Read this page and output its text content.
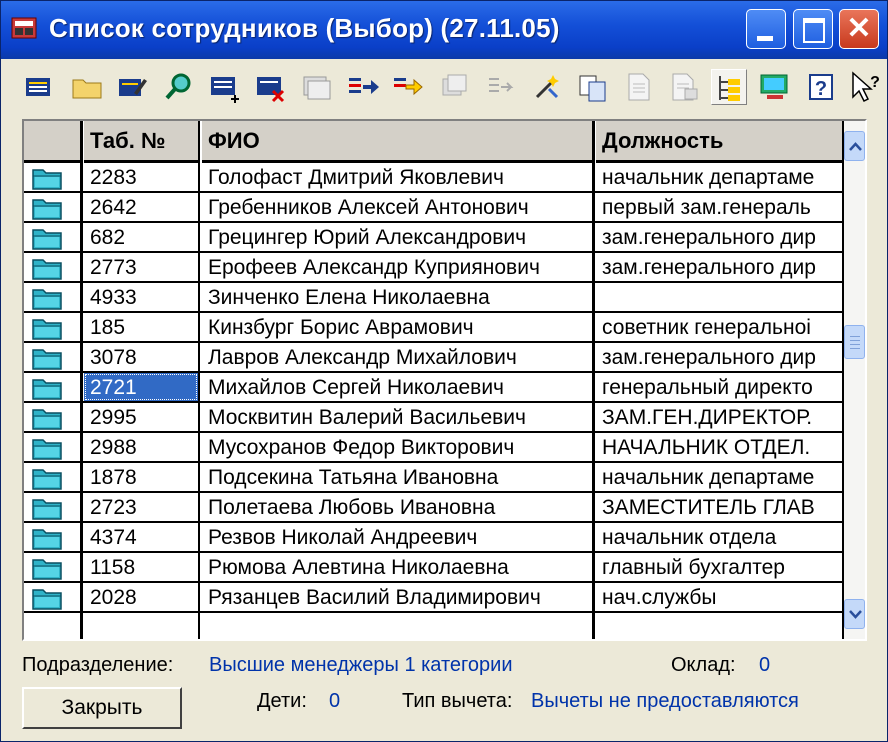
Список сотрудников (Выбор) (27.11.05)	✕
?	?
Таб. №	ФИО	Должность
2283	Голофаст Дмитрий Яковлевич	начальник департаме
2642	Гребенников Алексей Антонович	первый зам.генераль
682	Грецингер Юрий Александрович	зам.генерального дир
2773	Ерофеев Александр Куприянович	зам.генерального дир
4933	Зинченко Елена Николаевна
185	Кинзбург Борис Аврамович	советник генеральноі
3078	Лавров Александр Михайлович	зам.генерального дир
2721	Михайлов Сергей Николаевич	генеральный директо
2995	Москвитин Валерий Васильевич	ЗАМ.ГЕН.ДИРЕКТОР.
2988	Мусохранов Федор Викторович	НАЧАЛЬНИК ОТДЕЛ.
1878	Подсекина Татьяна Ивановна	начальник департаме
2723	Полетаева Любовь Ивановна	ЗАМЕСТИТЕЛЬ ГЛАВ
4374	Резвов Николай Андреевич	начальник отдела
1158	Рюмова Алевтина Николаевна	главный бухгалтер
2028	Рязанцев Василий Владимирович	нач.службы
Подразделение: Высшие менеджеры 1 категории	Оклад: 0
Закрыть	Дети: 0	Тип вычета: Вычеты не предоставляются
